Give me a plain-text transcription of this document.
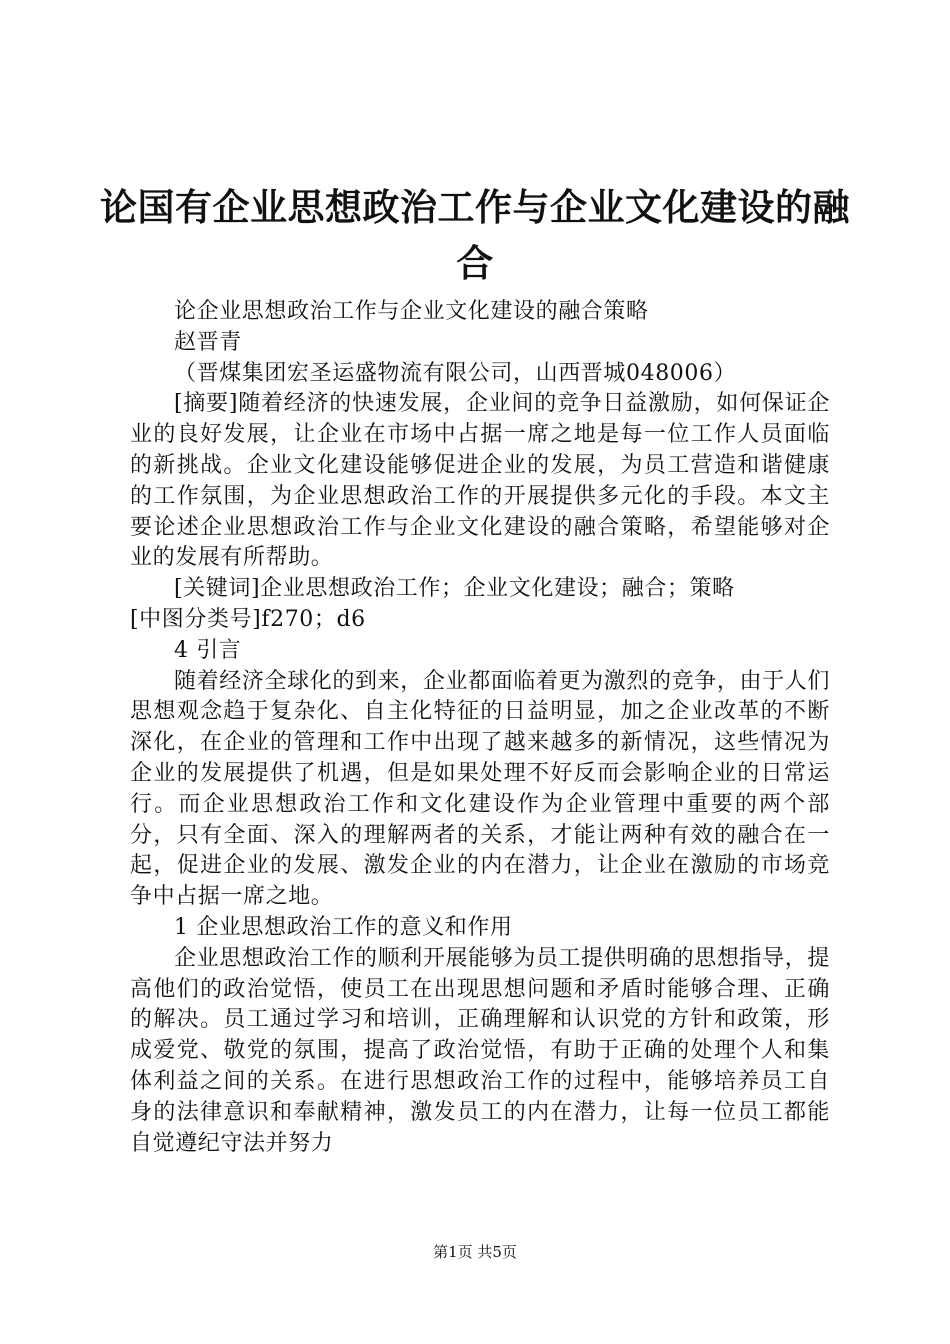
论国有企业思想政治工作与企业文化建设的融合

论企业思想政治工作与企业文化建设的融合策略

赵晋青

（晋煤集团宏圣运盛物流有限公司，山西晋城048006）

[摘要]随着经济的快速发展，企业间的竞争日益激励，如何保证企业的良好发展，让企业在市场中占据一席之地是每一位工作人员面临的新挑战。企业文化建设能够促进企业的发展，为员工营造和谐健康的工作氛围，为企业思想政治工作的开展提供多元化的手段。本文主要论述企业思想政治工作与企业文化建设的融合策略，希望能够对企业的发展有所帮助。

[关键词]企业思想政治工作；企业文化建设；融合；策略

[中图分类号]f270；d6

4 引言

随着经济全球化的到来，企业都面临着更为激烈的竞争，由于人们思想观念趋于复杂化、自主化特征的日益明显，加之企业改革的不断深化，在企业的管理和工作中出现了越来越多的新情况，这些情况为企业的发展提供了机遇，但是如果处理不好反而会影响企业的日常运行。而企业思想政治工作和文化建设作为企业管理中重要的两个部分，只有全面、深入的理解两者的关系，才能让两种有效的融合在一起，促进企业的发展、激发企业的内在潜力，让企业在激励的市场竞争中占据一席之地。

1 企业思想政治工作的意义和作用

企业思想政治工作的顺利开展能够为员工提供明确的思想指导，提高他们的政治觉悟，使员工在出现思想问题和矛盾时能够合理、正确的解决。员工通过学习和培训，正确理解和认识党的方针和政策，形成爱党、敬党的氛围，提高了政治觉悟，有助于正确的处理个人和集体利益之间的关系。在进行思想政治工作的过程中，能够培养员工自身的法律意识和奉献精神，激发员工的内在潜力，让每一位员工都能自觉遵纪守法并努力

第1页 共5页
